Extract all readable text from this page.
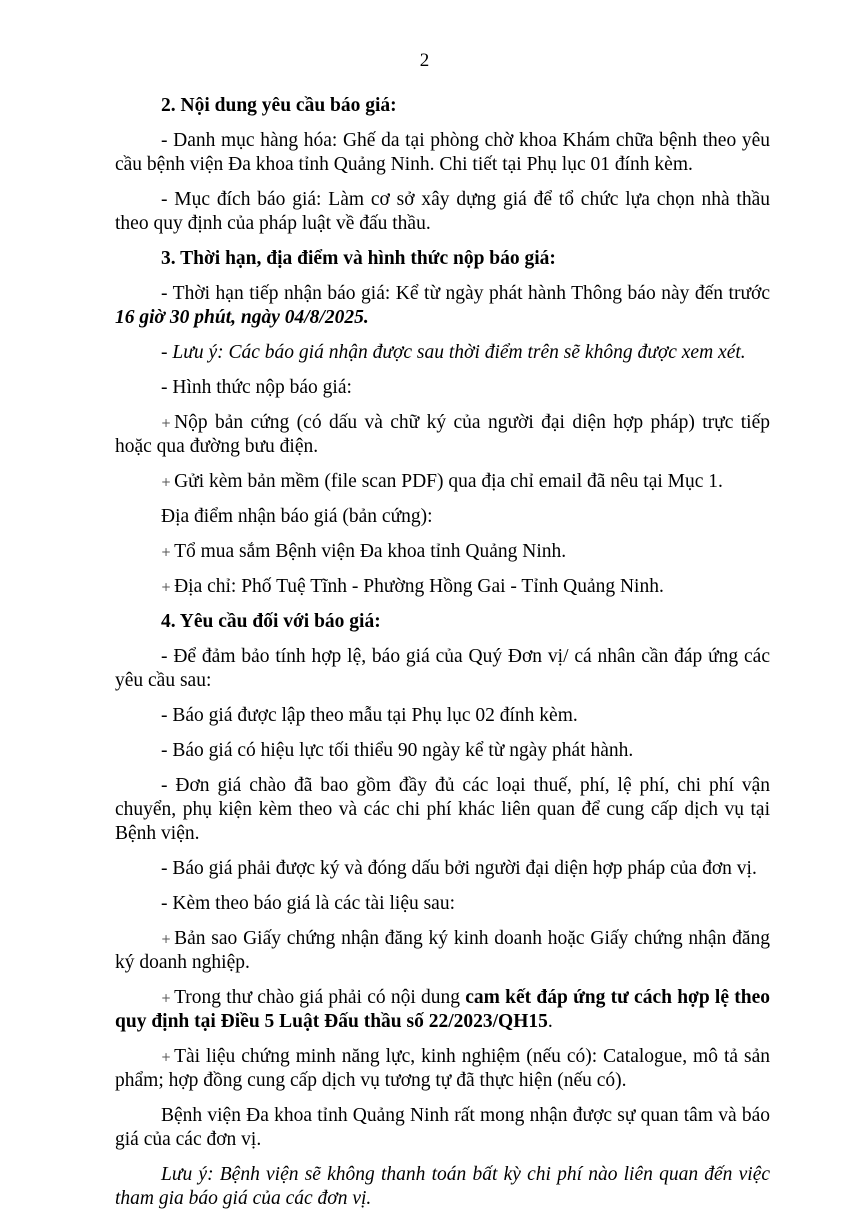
2

2. Nội dung yêu cầu báo giá:

- Danh mục hàng hóa: Ghế da tại phòng chờ khoa Khám chữa bệnh theo yêu cầu bệnh viện Đa khoa tỉnh Quảng Ninh. Chi tiết tại Phụ lục 01 đính kèm.

- Mục đích báo giá: Làm cơ sở xây dựng giá để tổ chức lựa chọn nhà thầu theo quy định của pháp luật về đấu thầu.

3. Thời hạn, địa điểm và hình thức nộp báo giá:

- Thời hạn tiếp nhận báo giá: Kể từ ngày phát hành Thông báo này đến trước 16 giờ 30 phút, ngày 04/8/2025.

- Lưu ý: Các báo giá nhận được sau thời điểm trên sẽ không được xem xét.

- Hình thức nộp báo giá:

+ Nộp bản cứng (có dấu và chữ ký của người đại diện hợp pháp) trực tiếp hoặc qua đường bưu điện.

+ Gửi kèm bản mềm (file scan PDF) qua địa chỉ email đã nêu tại Mục 1.

Địa điểm nhận báo giá (bản cứng):

+ Tổ mua sắm Bệnh viện Đa khoa tỉnh Quảng Ninh.

+ Địa chỉ: Phố Tuệ Tĩnh - Phường Hồng Gai - Tỉnh Quảng Ninh.

4. Yêu cầu đối với báo giá:

- Để đảm bảo tính hợp lệ, báo giá của Quý Đơn vị/ cá nhân cần đáp ứng các yêu cầu sau:

- Báo giá được lập theo mẫu tại Phụ lục 02 đính kèm.

- Báo giá có hiệu lực tối thiểu 90 ngày kể từ ngày phát hành.

- Đơn giá chào đã bao gồm đầy đủ các loại thuế, phí, lệ phí, chi phí vận chuyển, phụ kiện kèm theo và các chi phí khác liên quan để cung cấp dịch vụ tại Bệnh viện.

- Báo giá phải được ký và đóng dấu bởi người đại diện hợp pháp của đơn vị.

- Kèm theo báo giá là các tài liệu sau:

+ Bản sao Giấy chứng nhận đăng ký kinh doanh hoặc Giấy chứng nhận đăng ký doanh nghiệp.

+ Trong thư chào giá phải có nội dung cam kết đáp ứng tư cách hợp lệ theo quy định tại Điều 5 Luật Đấu thầu số 22/2023/QH15.

+ Tài liệu chứng minh năng lực, kinh nghiệm (nếu có): Catalogue, mô tả sản phẩm; hợp đồng cung cấp dịch vụ tương tự đã thực hiện (nếu có).

Bệnh viện Đa khoa tỉnh Quảng Ninh rất mong nhận được sự quan tâm và báo giá của các đơn vị.

Lưu ý: Bệnh viện sẽ không thanh toán bất kỳ chi phí nào liên quan đến việc tham gia báo giá của các đơn vị.
